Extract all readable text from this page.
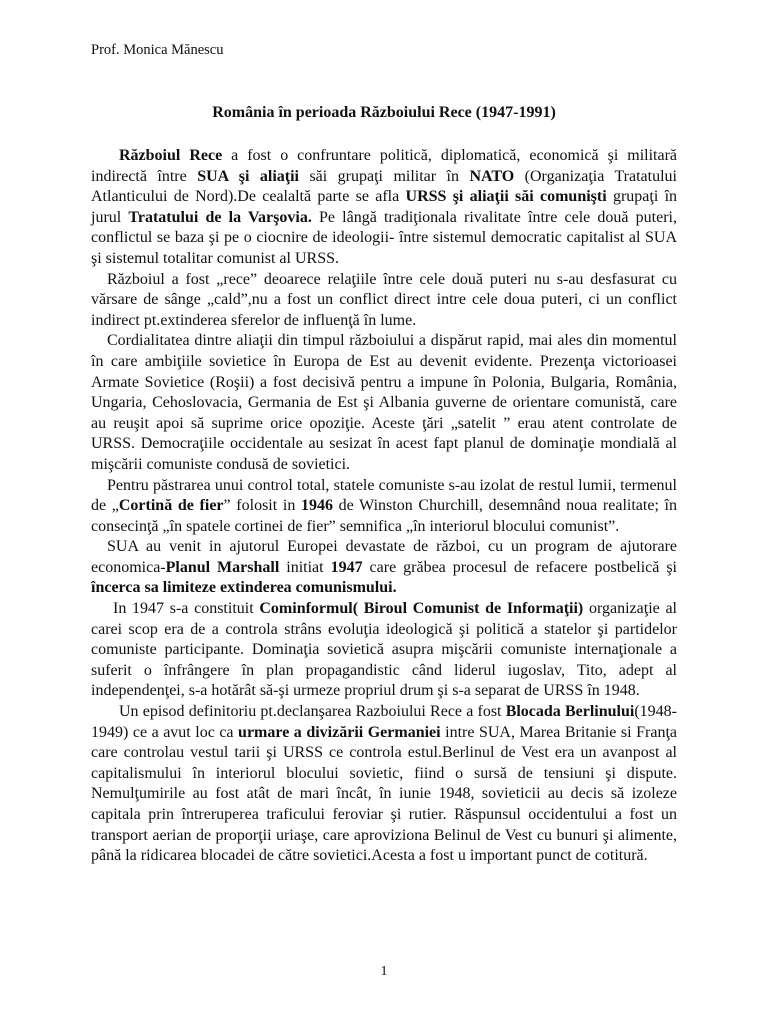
Prof. Monica Mănescu
România în perioada Războiului Rece (1947-1991)

Războiul Rece a fost o confruntare politică, diplomatică, economică şi militară indirectă între SUA şi aliaţii săi grupaţi militar în NATO (Organizaţia Tratatului Atlanticului de Nord).De cealaltă parte se afla URSS şi aliaţii săi comunişti grupaţi în jurul Tratatului de la Varşovia. Pe lângă tradiţionala rivalitate între cele două puteri, conflictul se baza şi pe o ciocnire de ideologii- între sistemul democratic capitalist al SUA şi sistemul totalitar comunist al URSS.

Războiul a fost „rece” deoarece relaţiile între cele două puteri nu s-au desfasurat cu vărsare de sânge „cald”,nu a fost un conflict direct intre cele doua puteri, ci un conflict indirect pt.extinderea sferelor de influenţă în lume.

Cordialitatea dintre aliaţii din timpul războiului a dispărut rapid, mai ales din momentul în care ambiţiile sovietice în Europa de Est au devenit evidente. Prezenţa victorioasei Armate Sovietice (Roşii) a fost decisivă pentru a impune în Polonia, Bulgaria, România, Ungaria, Cehoslovacia, Germania de Est şi Albania guverne de orientare comunistă, care au reuşit apoi să suprime orice opoziţie. Aceste ţări „satelit ” erau atent controlate de URSS. Democraţiile occidentale au sesizat în acest fapt planul de dominaţie mondială al mişcării comuniste condusă de sovietici.

Pentru păstrarea unui control total, statele comuniste s-au izolat de restul lumii, termenul de „Cortină de fier” folosit in 1946 de Winston Churchill, desemnând noua realitate; în consecinţă „în spatele cortinei de fier” semnifica „în interiorul blocului comunist”.

SUA au venit in ajutorul Europei devastate de război, cu un program de ajutorare economica-Planul Marshall initiat 1947 care grăbea procesul de refacere postbelică şi încerca sa limiteze extinderea comunismului.

In 1947 s-a constituit Cominformul( Biroul Comunist de Informaţii) organizaţie al carei scop era de a controla strâns evoluţia ideologică şi politică a statelor şi partidelor comuniste participante. Dominaţia sovietică asupra mişcării comuniste internaţionale a suferit o înfrângere în plan propagandistic când liderul iugoslav, Tito, adept al independenţei, s-a hotărât să-şi urmeze propriul drum şi s-a separat de URSS în 1948.

Un episod definitoriu pt.declanşarea Razboiului Rece a fost Blocada Berlinului(1948-1949) ce a avut loc ca urmare a divizării Germaniei intre SUA, Marea Britanie si Franţa care controlau vestul tarii şi URSS ce controla estul.Berlinul de Vest era un avanpost al capitalismului în interiorul blocului sovietic, fiind o sursă de tensiuni şi dispute. Nemulţumirile au fost atât de mari încât, în iunie 1948, sovieticii au decis să izoleze capitala prin întreruperea traficului feroviar şi rutier. Răspunsul occidentului a fost un transport aerian de proporţii uriaşe, care aproviziona Belinul de Vest cu bunuri şi alimente, până la ridicarea blocadei de către sovietici.Acesta a fost u important punct de cotitură.

1
